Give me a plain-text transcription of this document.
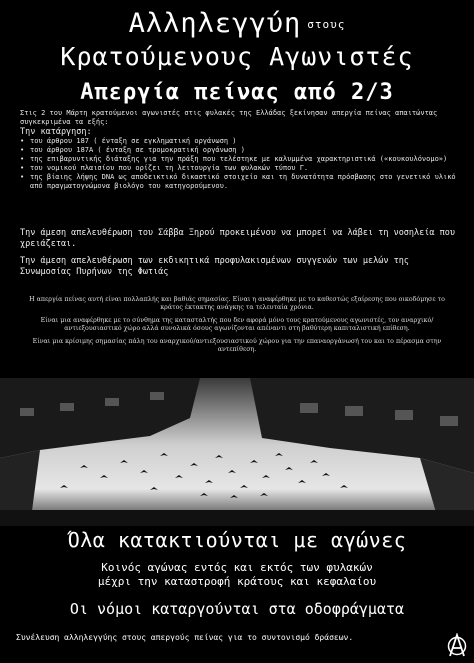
Αλληλεγγύη στους
Κρατούμενους Αγωνιστές
Απεργία πείνας από 2/3
Στις 2 του Μάρτη κρατούμενοι αγωνιστές στις φυλακές της Ελλάδας ξεκίνησαν απεργία πείνας απαιτώντας συγκεκριμένα τα εξής:
Την κατάργηση:
• του άρθρου 187 ( ένταξη σε εγκληματική οργάνωση )
• του άρθρου 187Α ( ένταξη σε τρομοκρατική οργάνωση )
• της επιβαρυντικής διάταξης για την πράξη που τελέστηκε με καλυμμένα χαρακτηριστικά («κουκουλόνομο»)
• του νομικού πλαισίου που ορίζει τη λειτουργία των φυλακών τύπου Γ.
• της βίαιης λήψης DNA ως αποδεικτικό δικαστικό στοιχείο και τη δυνατότητα πρόσβασης στο γενετικό υλικό από πραγματογνώμονα βιολόγο του κατηγορούμενου.

Την άμεση απελευθέρωση του Σάββα Ξηρού προκειμένου να μπορεί να λάβει τη νοσηλεία που χρειάζεται.

Την άμεση απελευθέρωση των εκδικητικά προφυλακισμένων συγγενών των μελών της Συνωμοσίας Πυρήνων της Φωτιάς

Η απεργία πείνας αυτή είναι πολλαπλής και βαθιάς σημασίας. Είναι η αναφέρθηκε με το καθεστώς εξαίρεσης που οικοδόμησε το κράτος έκτακτης ανάγκης τα τελευταία χρόνια.

Είναι μια αναφέρθηκε με το σύνθημα της κατασταλτής που δεν αφορά μόνο τους κρατούμενους αγωνιστές, τον αναρχικό/αντιεξουσιαστικό χώρο αλλά συνολικά όσους αγωνίζονται απέναντι στη βαθύτερη καπιταλιστική επίθεση.

Είναι μια κρίσιμης σημασίας πάλη του αναρχικού/αντιεξουσιαστικού χώρου για την επαναοργάνωσή του και το πέρασμα στην αντεπίθεση.

Όλα κατακτιούνται με αγώνες
Κοινός αγώνας εντός και εκτός των φυλακών
μέχρι την καταστροφή κράτους και κεφαλαίου
Οι νόμοι καταργούνται στα οδοφράγματα
Συνέλευση αλληλεγγύης στους απεργούς πείνας για το συντονισμό δράσεων.
